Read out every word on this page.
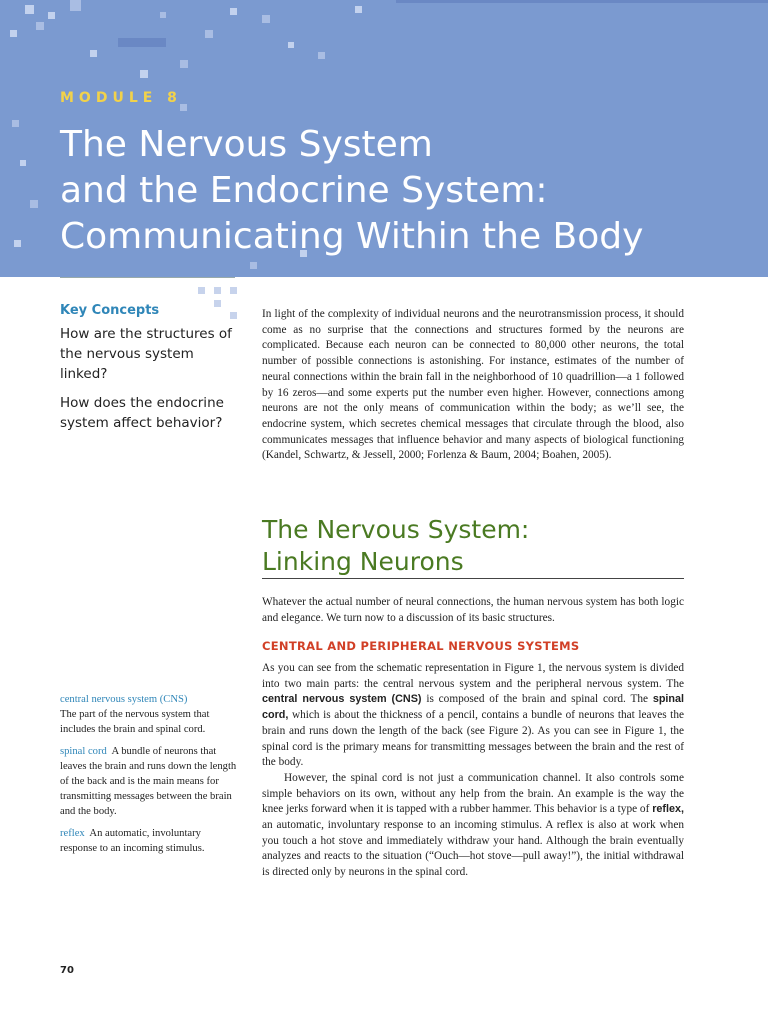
MODULE 8
The Nervous System
and the Endocrine System:
Communicating Within the Body
Key Concepts
How are the structures of the nervous system linked?
How does the endocrine system affect behavior?

In light of the complexity of individual neurons and the neurotransmission process, it should come as no surprise that the connections and structures formed by the neurons are complicated. Because each neuron can be connected to 80,000 other neurons, the total number of possible connections is astonishing. For instance, estimates of the number of neural connections within the brain fall in the neighborhood of 10 quadrillion—a 1 followed by 16 zeros—and some experts put the number even higher. However, connections among neurons are not the only means of communication within the body; as we’ll see, the endocrine system, which secretes chemical messages that circulate through the blood, also communicates messages that influence behavior and many aspects of biological functioning (Kandel, Schwartz, & Jessell, 2000; Forlenza & Baum, 2004; Boahen, 2005).

The Nervous System:
Linking Neurons

Whatever the actual number of neural connections, the human nervous system has both logic and elegance. We turn now to a discussion of its basic structures.

CENTRAL AND PERIPHERAL NERVOUS SYSTEMS

As you can see from the schematic representation in Figure 1, the nervous system is divided into two main parts: the central nervous system and the peripheral nervous system. The central nervous system (CNS) is composed of the brain and spinal cord. The spinal cord, which is about the thickness of a pencil, contains a bundle of neurons that leaves the brain and runs down the length of the back (see Figure 2). As you can see in Figure 1, the spinal cord is the primary means for transmitting messages between the brain and the rest of the body.

However, the spinal cord is not just a communication channel. It also controls some simple behaviors on its own, without any help from the brain. An example is the way the knee jerks forward when it is tapped with a rubber hammer. This behavior is a type of reflex, an automatic, involuntary response to an incoming stimulus. A reflex is also at work when you touch a hot stove and immediately withdraw your hand. Although the brain eventually analyzes and reacts to the situation (“Ouch—hot stove—pull away!”), the initial withdrawal is directed only by neurons in the spinal cord.

central nervous system (CNS)
The part of the nervous system that includes the brain and spinal cord.
spinal cord A bundle of neurons that leaves the brain and runs down the length of the back and is the main means for transmitting messages between the brain and the body.
reflex An automatic, involuntary response to an incoming stimulus.
70
